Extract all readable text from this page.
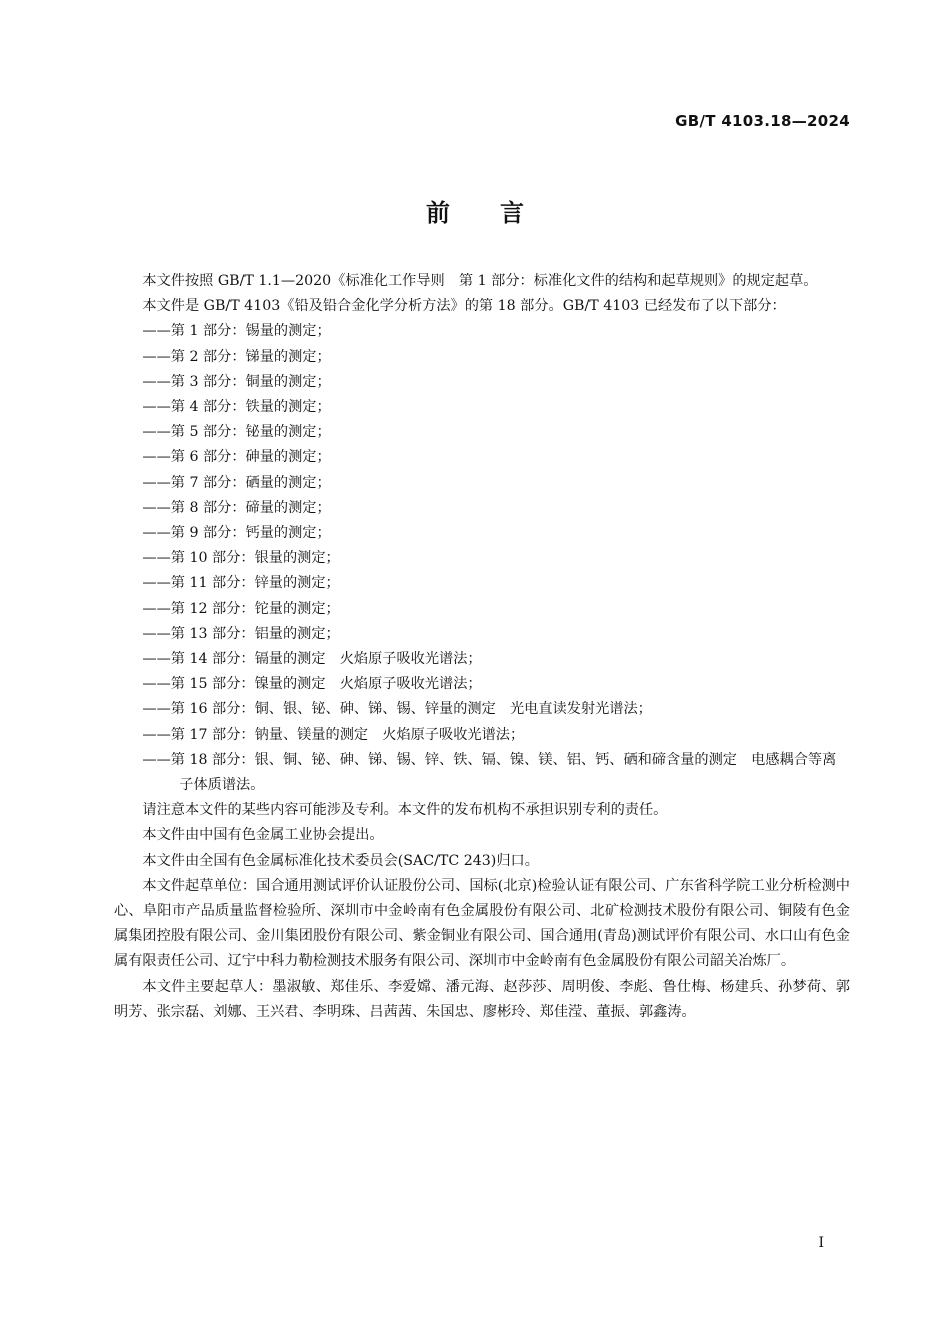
GB/T 4103.18—2024
前言

本文件按照 GB/T 1.1—2020《标准化工作导则　第 1 部分：标准化文件的结构和起草规则》的规定起草。

本文件是 GB/T 4103《铅及铅合金化学分析方法》的第 18 部分。GB/T 4103 已经发布了以下部分：

——第 1 部分：锡量的测定；

——第 2 部分：锑量的测定；

——第 3 部分：铜量的测定；

——第 4 部分：铁量的测定；

——第 5 部分：铋量的测定；

——第 6 部分：砷量的测定；

——第 7 部分：硒量的测定；

——第 8 部分：碲量的测定；

——第 9 部分：钙量的测定；

——第 10 部分：银量的测定；

——第 11 部分：锌量的测定；

——第 12 部分：铊量的测定；

——第 13 部分：铝量的测定；

——第 14 部分：镉量的测定　火焰原子吸收光谱法；

——第 15 部分：镍量的测定　火焰原子吸收光谱法；

——第 16 部分：铜、银、铋、砷、锑、锡、锌量的测定　光电直读发射光谱法；

——第 17 部分：钠量、镁量的测定　火焰原子吸收光谱法；

——第 18 部分：银、铜、铋、砷、锑、锡、锌、铁、镉、镍、镁、铝、钙、硒和碲含量的测定　电感耦合等离子体质谱法。

请注意本文件的某些内容可能涉及专利。本文件的发布机构不承担识别专利的责任。

本文件由中国有色金属工业协会提出。

本文件由全国有色金属标准化技术委员会(SAC/TC 243)归口。

本文件起草单位：国合通用测试评价认证股份公司、国标(北京)检验认证有限公司、广东省科学院工业分析检测中心、阜阳市产品质量监督检验所、深圳市中金岭南有色金属股份有限公司、北矿检测技术股份有限公司、铜陵有色金属集团控股有限公司、金川集团股份有限公司、紫金铜业有限公司、国合通用(青岛)测试评价有限公司、水口山有色金属有限责任公司、辽宁中科力勒检测技术服务有限公司、深圳市中金岭南有色金属股份有限公司韶关冶炼厂。

本文件主要起草人：墨淑敏、郑佳乐、李爱嫦、潘元海、赵莎莎、周明俊、李彪、鲁仕梅、杨建兵、孙梦荷、郭明芳、张宗磊、刘娜、王兴君、李明珠、吕茜茜、朱国忠、廖彬玲、郑佳滢、董振、郭鑫涛。

I
